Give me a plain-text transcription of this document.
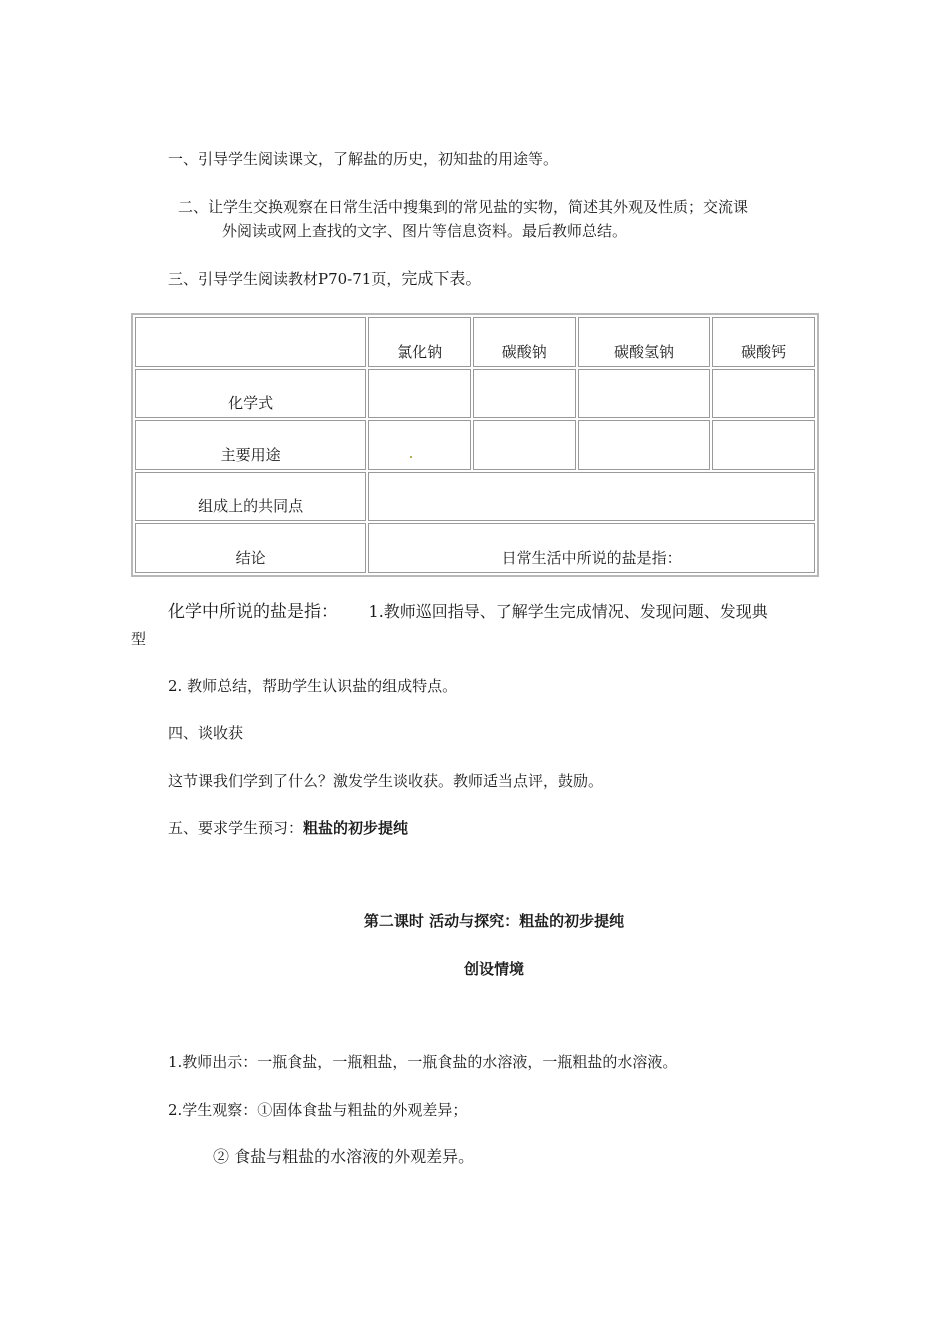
一、引导学生阅读课文，了解盐的历史，初知盐的用途等。
二、让学生交换观察在日常生活中搜集到的常见盐的实物，简述其外观及性质；交流课
外阅读或网上查找的文字、图片等信息资料。最后教师总结。
三、引导学生阅读教材P70-71页，完成下表。
	氯化钠	碳酸钠	碳酸氢钠	碳酸钙
化学式				
主要用途				
组成上的共同点				
结论	日常生活中所说的盐是指：			
化学中所说的盐是指： 1.教师巡回指导、了解学生完成情况、发现问题、发现典
型
2. 教师总结，帮助学生认识盐的组成特点。
四、谈收获
这节课我们学到了什么？激发学生谈收获。教师适当点评，鼓励。
五、要求学生预习：粗盐的初步提纯
第二课时 活动与探究：粗盐的初步提纯
创设情境
1.教师出示：一瓶食盐，一瓶粗盐，一瓶食盐的水溶液，一瓶粗盐的水溶液。
2.学生观察：①固体食盐与粗盐的外观差异；
② 食盐与粗盐的水溶液的外观差异。
